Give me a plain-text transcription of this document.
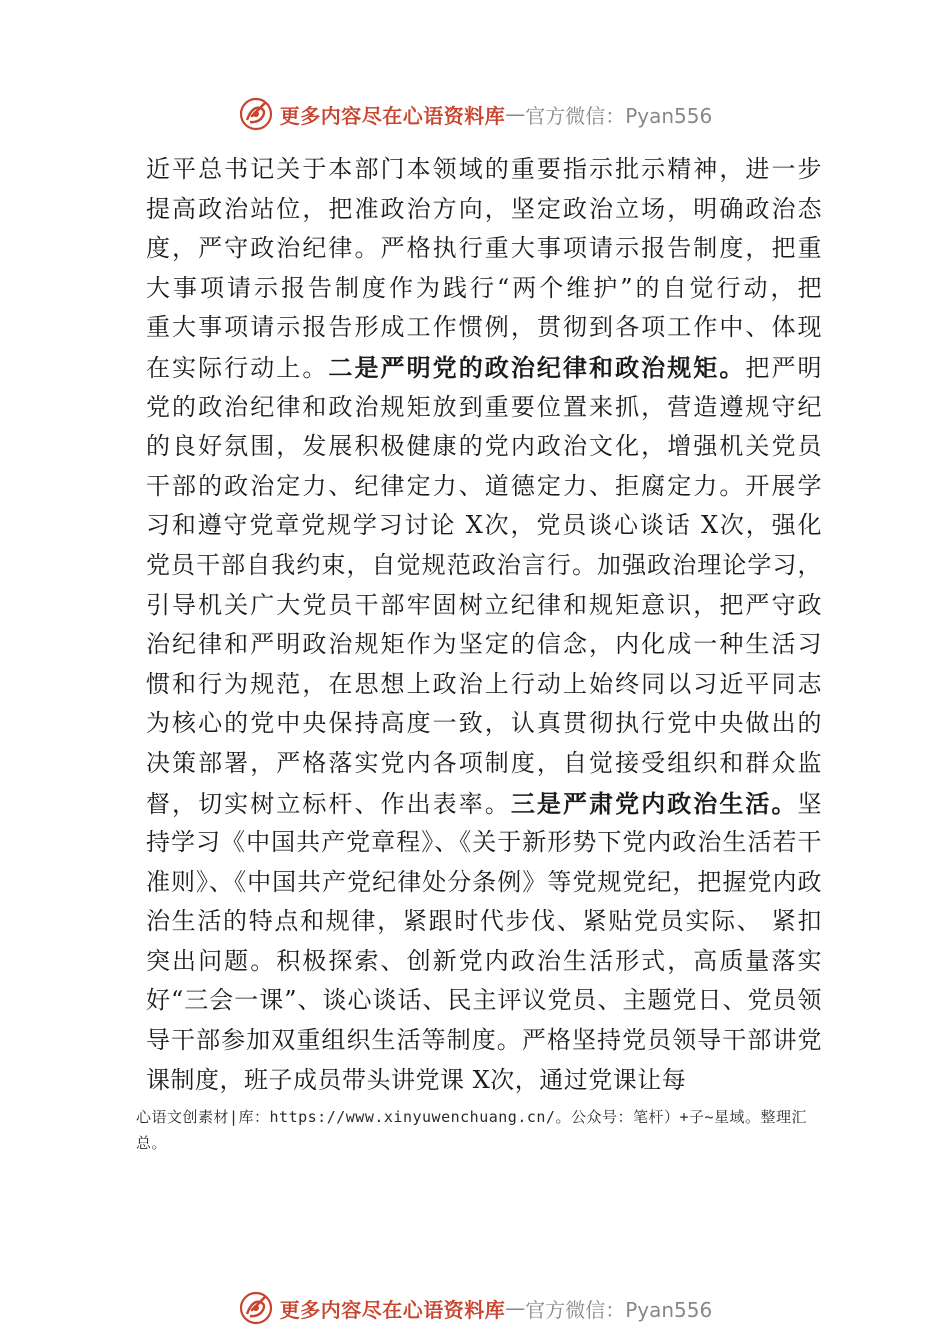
更多内容尽在心语资料库 — 官方微信：Pyan556
近平总书记关于本部门本领域的重要指示批示精神，进一步
提高政治站位，把准政治方向，坚定政治立场，明确政治态
度，严守政治纪律。严格执行重大事项请示报告制度，把重
大事项请示报告制度作为践行“两个维护”的自觉行动，把
重大事项请示报告形成工作惯例，贯彻到各项工作中、体现
在实际行动上。二是严明党的政治纪律和政治规矩。把严明
党的政治纪律和政治规矩放到重要位置来抓，营造遵规守纪
的良好氛围，发展积极健康的党内政治文化，增强机关党员
干部的政治定力、纪律定力、道德定力、拒腐定力。开展学
习和遵守党章党规学习讨论 X次，党员谈心谈话 X次，强化
党员干部自我约束，自觉规范政治言行。加强政治理论学习，
引导机关广大党员干部牢固树立纪律和规矩意识，把严守政
治纪律和严明政治规矩作为坚定的信念，内化成一种生活习
惯和行为规范，在思想上政治上行动上始终同以习近平同志
为核心的党中央保持高度一致，认真贯彻执行党中央做出的
决策部署，严格落实党内各项制度，自觉接受组织和群众监
督，切实树立标杆、作出表率。三是严肃党内政治生活。坚
持学习《中国共产党章程》、《关于新形势下党内政治生活若干
准则》、《中国共产党纪律处分条例》等党规党纪，把握党内政
治生活的特点和规律，紧跟时代步伐、紧贴党员实际、 紧扣
突出问题。积极探索、创新党内政治生活形式，高质量落实
好“三会一课”、谈心谈话、民主评议党员、主题党日、党员领
导干部参加双重组织生活等制度。严格坚持党员领导干部讲党
课制度，班子成员带头讲党课 X次，通过党课让每
心语文创素材|库：https://www.xinyuwenchuang.cn/。公众号：笔杆）+子~星域。整理汇
总。
更多内容尽在心语资料库 — 官方微信：Pyan556
